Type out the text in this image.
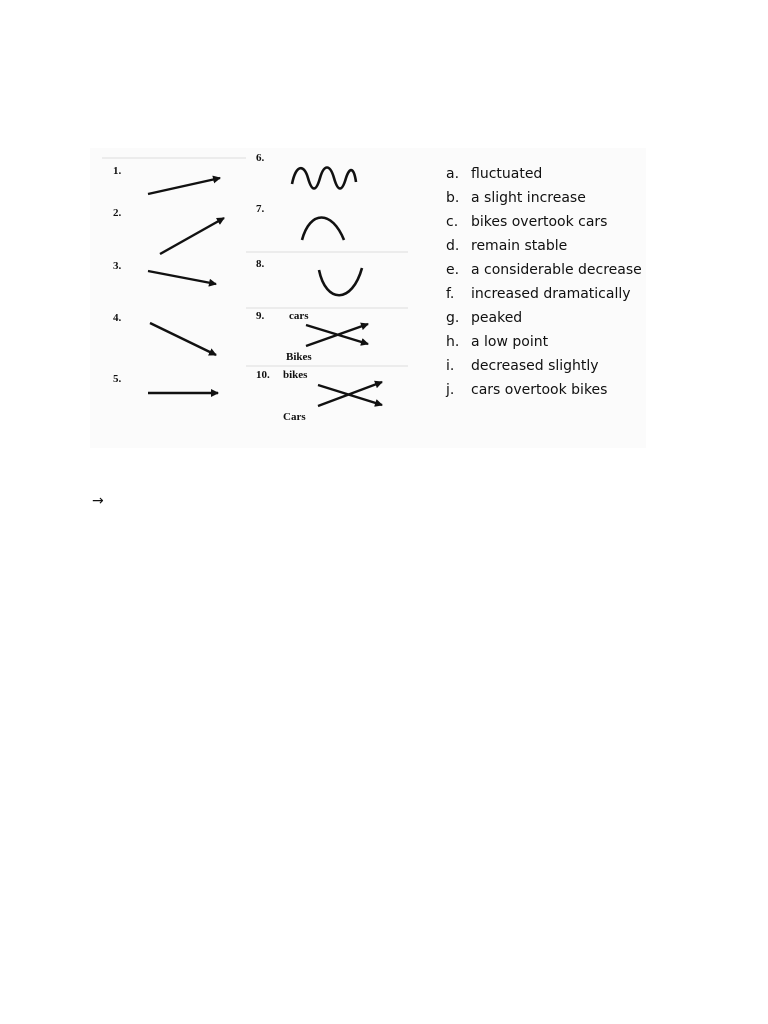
1.
2.
3.
4.
5.
6.
7.
8.
9.
10.
cars
Bikes
bikes
Cars
a. fluctuated
b. a slight increase
c. bikes overtook cars
d. remain stable
e. a considerable decrease
f. increased dramatically
g. peaked
h. a low point
i. decreased slightly
j. cars overtook bikes
→
